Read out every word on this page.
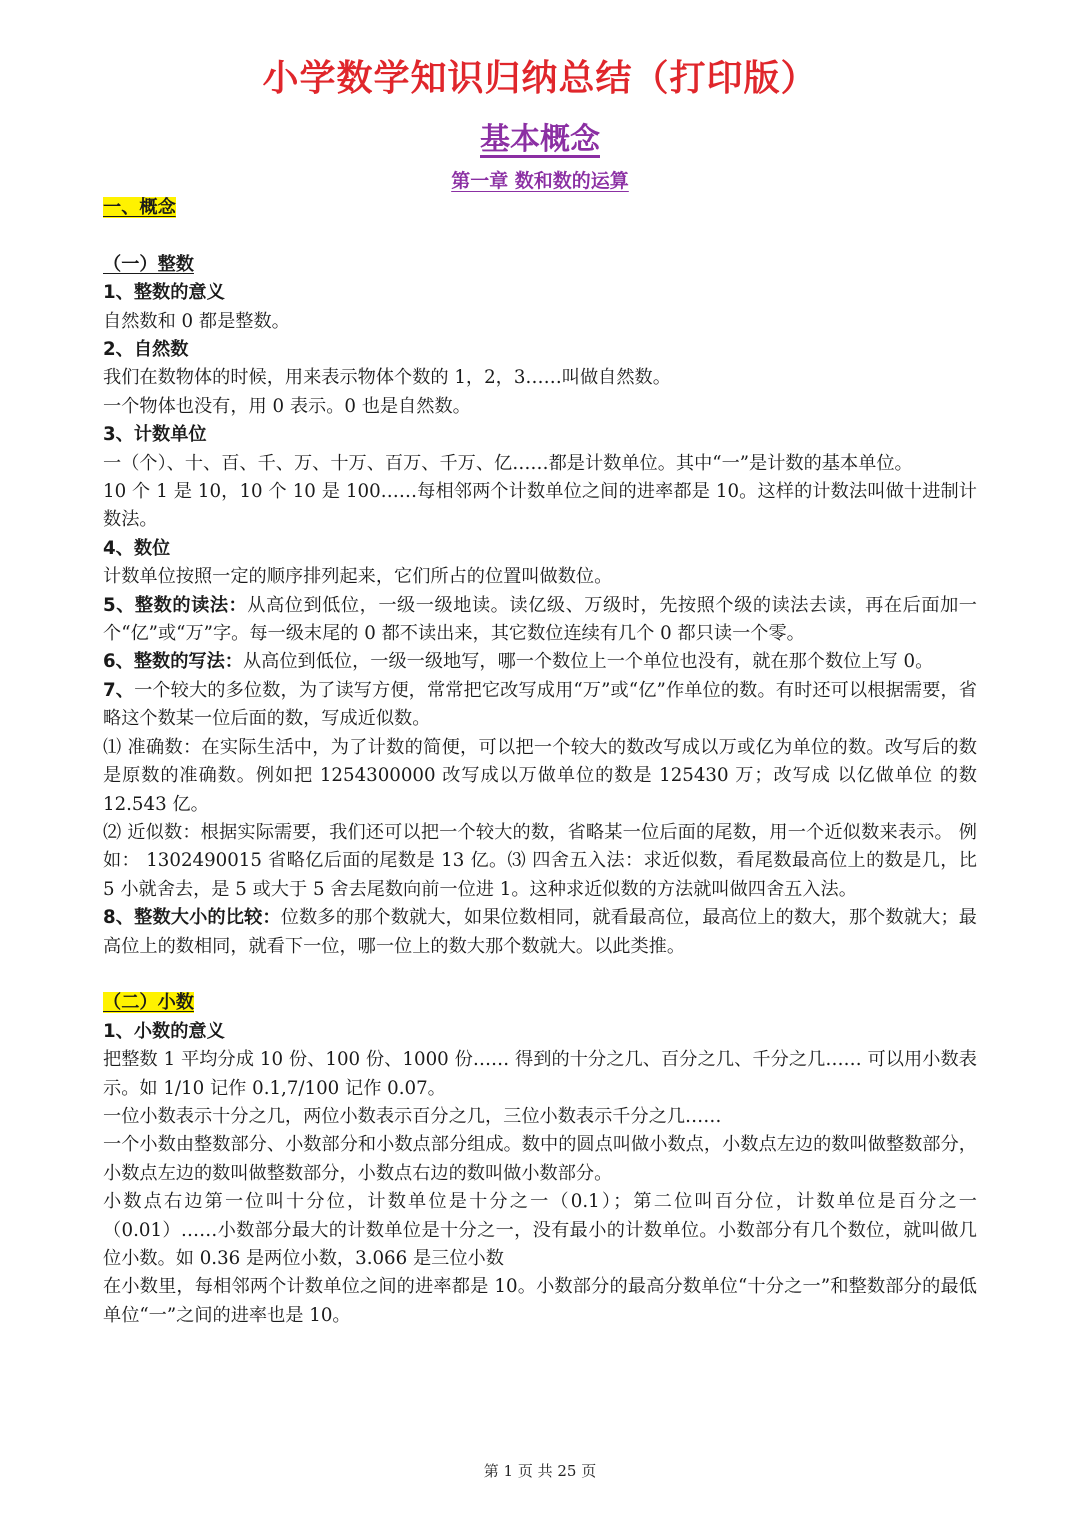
小学数学知识归纳总结（打印版）
基本概念
第一章 数和数的运算

一、概念

（一）整数

1、整数的意义

自然数和 0 都是整数。

2、自然数

我们在数物体的时候，用来表示物体个数的 1，2，3……叫做自然数。

一个物体也没有，用 0 表示。0 也是自然数。

3、计数单位

一（个）、十、百、千、万、十万、百万、千万、亿……都是计数单位。其中“一”是计数的基本单位。

10 个 1 是 10，10 个 10 是 100……每相邻两个计数单位之间的进率都是 10。这样的计数法叫做十进制计数法。

4、数位

计数单位按照一定的顺序排列起来，它们所占的位置叫做数位。

5、整数的读法：从高位到低位，一级一级地读。读亿级、万级时，先按照个级的读法去读，再在后面加一个“亿”或“万”字。每一级末尾的 0 都不读出来，其它数位连续有几个 0 都只读一个零。

6、整数的写法：从高位到低位，一级一级地写，哪一个数位上一个单位也没有，就在那个数位上写 0。

7、一个较大的多位数，为了读写方便，常常把它改写成用“万”或“亿”作单位的数。有时还可以根据需要，省略这个数某一位后面的数，写成近似数。

⑴ 准确数：在实际生活中，为了计数的简便，可以把一个较大的数改写成以万或亿为单位的数。改写后的数是原数的准确数。例如把 1254300000 改写成以万做单位的数是 125430 万；改写成 以亿做单位 的数 12.543 亿。

⑵ 近似数：根据实际需要，我们还可以把一个较大的数，省略某一位后面的尾数，用一个近似数来表示。 例如： 1302490015 省略亿后面的尾数是 13 亿。⑶ 四舍五入法：求近似数，看尾数最高位上的数是几，比 5 小就舍去，是 5 或大于 5 舍去尾数向前一位进 1。这种求近似数的方法就叫做四舍五入法。

8、整数大小的比较：位数多的那个数就大，如果位数相同，就看最高位，最高位上的数大，那个数就大；最高位上的数相同，就看下一位，哪一位上的数大那个数就大。以此类推。

（二）小数

1、小数的意义

把整数 1 平均分成 10 份、100 份、1000 份…… 得到的十分之几、百分之几、千分之几…… 可以用小数表示。如 1/10 记作 0.1,7/100 记作 0.07。

一位小数表示十分之几，两位小数表示百分之几，三位小数表示千分之几……

一个小数由整数部分、小数部分和小数点部分组成。数中的圆点叫做小数点，小数点左边的数叫做整数部分，小数点左边的数叫做整数部分，小数点右边的数叫做小数部分。

小数点右边第一位叫十分位，计数单位是十分之一（0.1）；第二位叫百分位，计数单位是百分之一（0.01）……小数部分最大的计数单位是十分之一，没有最小的计数单位。小数部分有几个数位，就叫做几位小数。如 0.36 是两位小数，3.066 是三位小数

在小数里，每相邻两个计数单位之间的进率都是 10。小数部分的最高分数单位“十分之一”和整数部分的最低单位“一”之间的进率也是 10。

第 1 页 共 25 页
